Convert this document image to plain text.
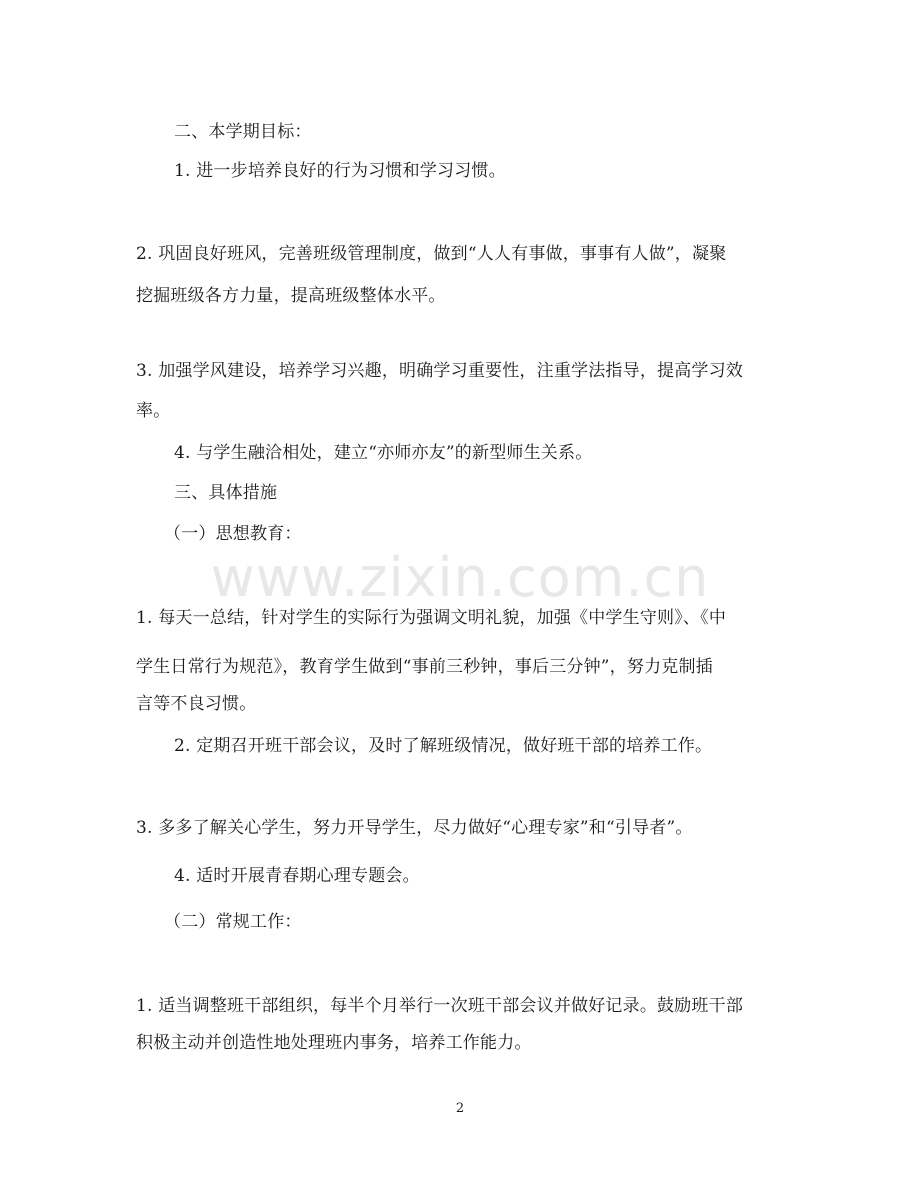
二、本学期目标：
1. 进一步培养良好的行为习惯和学习习惯。
2. 巩固良好班风，完善班级管理制度，做到“人人有事做，事事有人做”，凝聚
挖掘班级各方力量，提高班级整体水平。
3. 加强学风建设，培养学习兴趣，明确学习重要性，注重学法指导，提高学习效
率。
4. 与学生融洽相处，建立“亦师亦友”的新型师生关系。
三、具体措施
（一）思想教育：
1. 每天一总结，针对学生的实际行为强调文明礼貌，加强《中学生守则》、《中
学生日常行为规范》，教育学生做到“事前三秒钟，事后三分钟”，努力克制插
言等不良习惯。
2. 定期召开班干部会议，及时了解班级情况，做好班干部的培养工作。
3. 多多了解关心学生，努力开导学生，尽力做好“心理专家”和“引导者”。
4. 适时开展青春期心理专题会。
（二）常规工作：
1. 适当调整班干部组织，每半个月举行一次班干部会议并做好记录。鼓励班干部
积极主动并创造性地处理班内事务，培养工作能力。
www.zixin.com.cn
2
